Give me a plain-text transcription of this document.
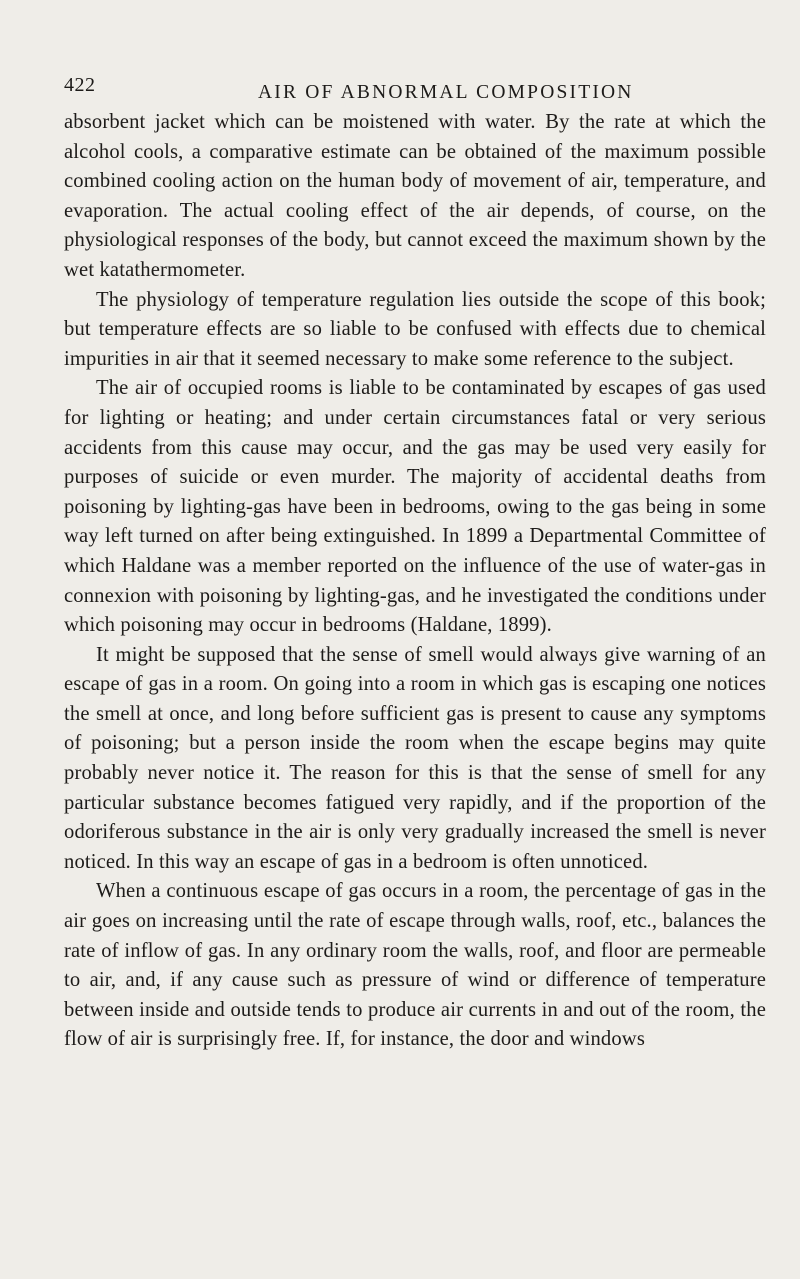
422	AIR OF ABNORMAL COMPOSITION

absorbent jacket which can be moistened with water. By the rate at which the alcohol cools, a comparative estimate can be obtained of the maximum possible combined cooling action on the human body of movement of air, temperature, and evaporation. The actual cooling effect of the air depends, of course, on the physiological responses of the body, but cannot exceed the maximum shown by the wet katathermometer.

The physiology of temperature regulation lies outside the scope of this book; but temperature effects are so liable to be confused with effects due to chemical impurities in air that it seemed necessary to make some reference to the subject.

The air of occupied rooms is liable to be contaminated by escapes of gas used for lighting or heating; and under certain circumstances fatal or very serious accidents from this cause may occur, and the gas may be used very easily for purposes of suicide or even murder. The majority of accidental deaths from poisoning by lighting-gas have been in bedrooms, owing to the gas being in some way left turned on after being extinguished. In 1899 a Departmental Committee of which Haldane was a member reported on the influence of the use of water-gas in connexion with poisoning by lighting-gas, and he investigated the conditions under which poisoning may occur in bedrooms (Haldane, 1899).

It might be supposed that the sense of smell would always give warning of an escape of gas in a room. On going into a room in which gas is escaping one notices the smell at once, and long before sufficient gas is present to cause any symptoms of poisoning; but a person inside the room when the escape begins may quite probably never notice it. The reason for this is that the sense of smell for any particular substance becomes fatigued very rapidly, and if the proportion of the odoriferous substance in the air is only very gradually increased the smell is never noticed. In this way an escape of gas in a bedroom is often unnoticed.

When a continuous escape of gas occurs in a room, the percentage of gas in the air goes on increasing until the rate of escape through walls, roof, etc., balances the rate of inflow of gas. In any ordinary room the walls, roof, and floor are permeable to air, and, if any cause such as pressure of wind or difference of temperature between inside and outside tends to produce air currents in and out of the room, the flow of air is surprisingly free. If, for instance, the door and windows
